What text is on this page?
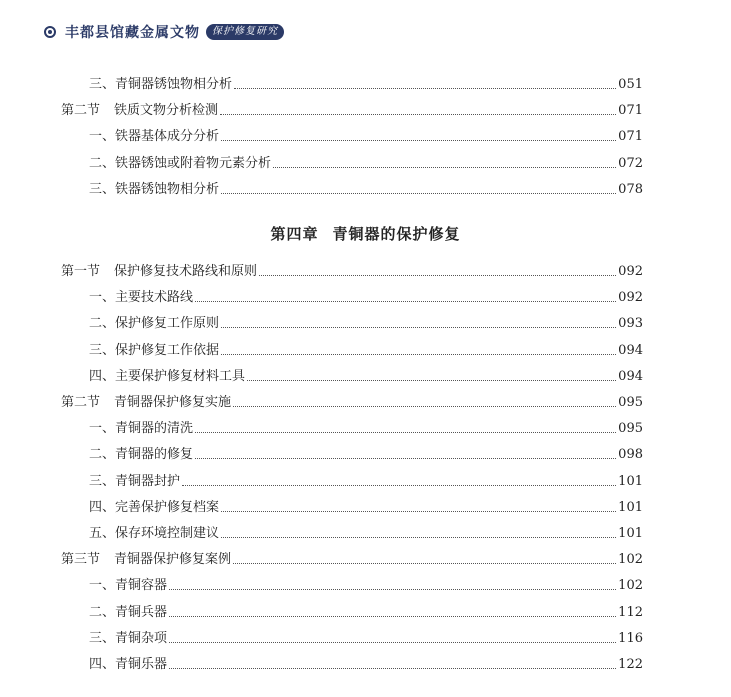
丰都县馆藏金属文物	保护修复研究
三、青铜器锈蚀物相分析	051
第二节 铁质文物分析检测	071
一、铁器基体成分分析	071
二、铁器锈蚀或附着物元素分析	072
三、铁器锈蚀物相分析	078
第一节 保护修复技术路线和原则	092
一、主要技术路线	092
二、保护修复工作原则	093
三、保护修复工作依据	094
四、主要保护修复材料工具	094
第二节 青铜器保护修复实施	095
一、青铜器的清洗	095
二、青铜器的修复	098
三、青铜器封护	101
四、完善保护修复档案	101
五、保存环境控制建议	101
第三节 青铜器保护修复案例	102
一、青铜容器	102
二、青铜兵器	112
三、青铜杂项	116
四、青铜乐器	122
第四章 青铜器的保护修复
